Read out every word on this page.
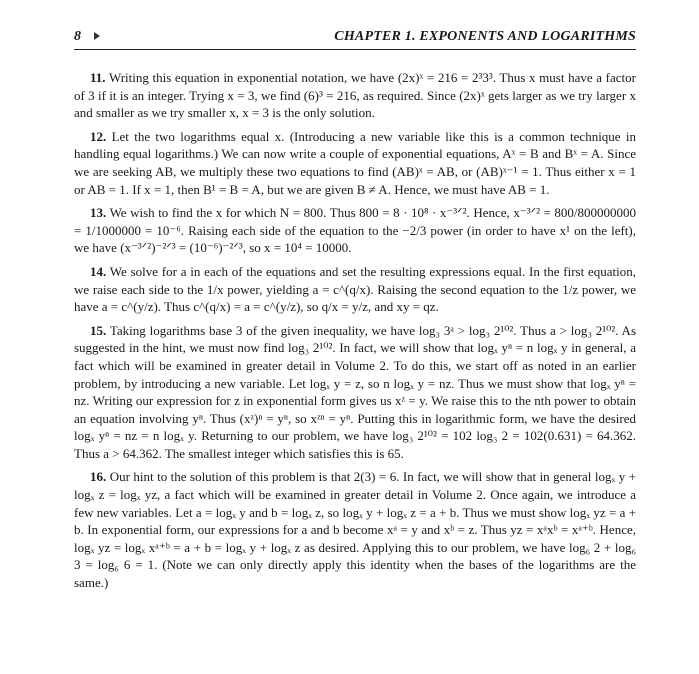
8	CHAPTER 1. EXPONENTS AND LOGARITHMS

11. Writing this equation in exponential notation, we have (2x)ˣ = 216 = 2³3³. Thus x must have a factor of 3 if it is an integer. Trying x = 3, we find (6)³ = 216, as required. Since (2x)ˣ gets larger as we try larger x and smaller as we try smaller x, x = 3 is the only solution.

12. Let the two logarithms equal x. (Introducing a new variable like this is a common technique in handling equal logarithms.) We can now write a couple of exponential equations, Aˣ = B and Bˣ = A. Since we are seeking AB, we multiply these two equations to find (AB)ˣ = AB, or (AB)ˣ⁻¹ = 1. Thus either x = 1 or AB = 1. If x = 1, then B¹ = B = A, but we are given B ≠ A. Hence, we must have AB = 1.

13. We wish to find the x for which N = 800. Thus 800 = 8 · 10⁸ · x⁻³ᐟ². Hence, x⁻³ᐟ² = 800/800000000 = 1/1000000 = 10⁻⁶. Raising each side of the equation to the −2/3 power (in order to have x¹ on the left), we have (x⁻³ᐟ²)⁻²ᐟ³ = (10⁻⁶)⁻²ᐟ³, so x = 10⁴ = 10000.

14. We solve for a in each of the equations and set the resulting expressions equal. In the first equation, we raise each side to the 1/x power, yielding a = c^(q/x). Raising the second equation to the 1/z power, we have a = c^(y/z). Thus c^(q/x) = a = c^(y/z), so q/x = y/z, and xy = qz.

15. Taking logarithms base 3 of the given inequality, we have log₃ 3ᵃ > log₃ 2¹⁰². Thus a > log₃ 2¹⁰². As suggested in the hint, we must now find log₃ 2¹⁰². In fact, we will show that logₓ yⁿ = n logₓ y in general, a fact which will be examined in greater detail in Volume 2. To do this, we start off as noted in an earlier problem, by introducing a new variable. Let logₓ y = z, so n logₓ y = nz. Thus we must show that logₓ yⁿ = nz. Writing our expression for z in exponential form gives us xᶻ = y. We raise this to the nth power to obtain an equation involving yⁿ. Thus (xᶻ)ⁿ = yⁿ, so xᶻⁿ = yⁿ. Putting this in logarithmic form, we have the desired logₓ yⁿ = nz = n logₓ y. Returning to our problem, we have log₃ 2¹⁰² = 102 log₃ 2 = 102(0.631) = 64.362. Thus a > 64.362. The smallest integer which satisfies this is 65.

16. Our hint to the solution of this problem is that 2(3) = 6. In fact, we will show that in general logₓ y + logₓ z = logₓ yz, a fact which will be examined in greater detail in Volume 2. Once again, we introduce a few new variables. Let a = logₓ y and b = logₓ z, so logₓ y + logₓ z = a + b. Thus we must show logₓ yz = a + b. In exponential form, our expressions for a and b become xᵃ = y and xᵇ = z. Thus yz = xᵃxᵇ = xᵃ⁺ᵇ. Hence, logₓ yz = logₓ xᵃ⁺ᵇ = a + b = logₓ y + logₓ z as desired. Applying this to our problem, we have log₆ 2 + log₆ 3 = log₆ 6 = 1. (Note we can only directly apply this identity when the bases of the logarithms are the same.)
